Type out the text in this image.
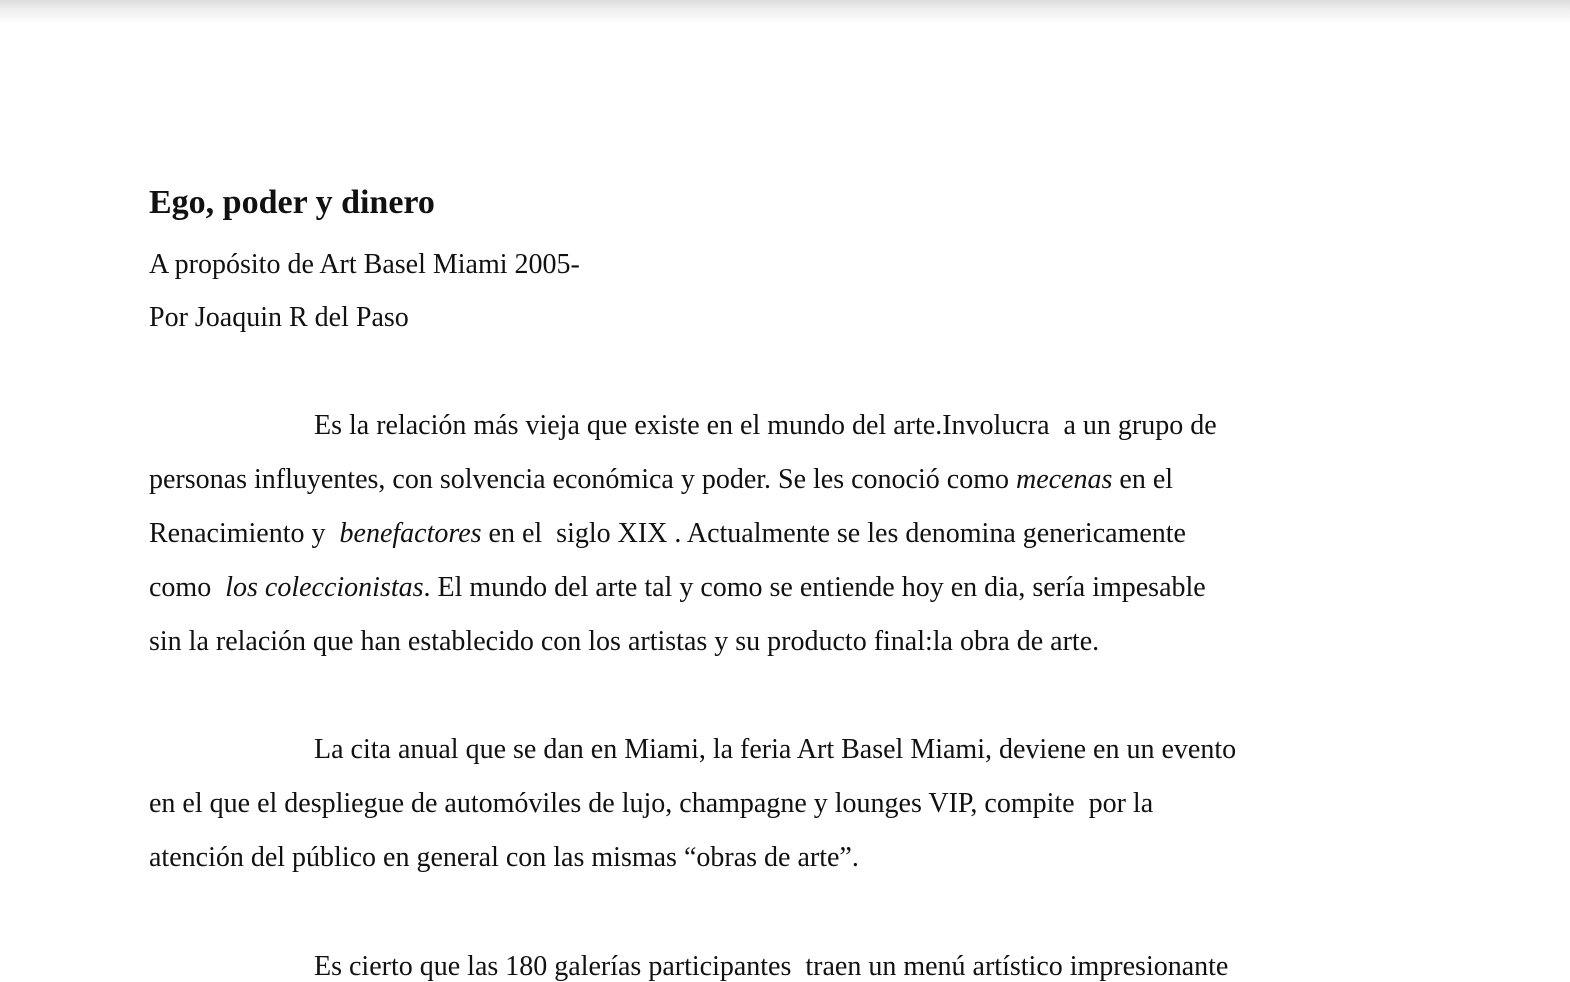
Ego, poder y dinero

A propósito de Art Basel Miami 2005-

Por Joaquin R del Paso

Es la relación más vieja que existe en el mundo del arte.Involucra  a un grupo de
personas influyentes, con solvencia económica y poder. Se les conoció como mecenas en el
Renacimiento y  benefactores en el  siglo XIX . Actualmente se les denomina genericamente
como  los coleccionistas. El mundo del arte tal y como se entiende hoy en dia, sería impesable
sin la relación que han establecido con los artistas y su producto final:la obra de arte.

La cita anual que se dan en Miami, la feria Art Basel Miami, deviene en un evento
en el que el despliegue de automóviles de lujo, champagne y lounges VIP, compite  por la
atención del público en general con las mismas “obras de arte”.

Es cierto que las 180 galerías participantes  traen un menú artístico impresionante
